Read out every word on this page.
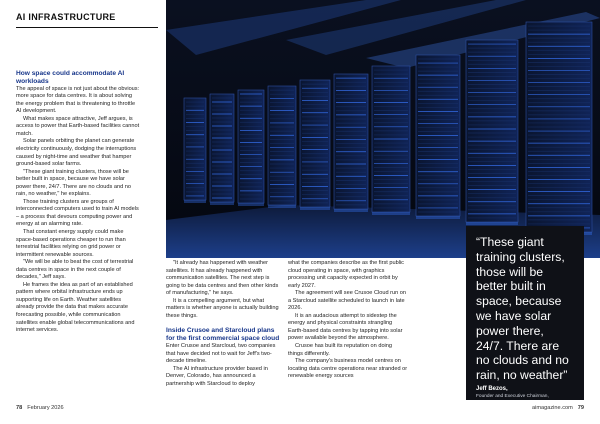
AI INFRASTRUCTURE

How space could accommodate AI workloads

The appeal of space is not just about the obvious: more space for data centres. It is about solving the energy problem that is threatening to throttle AI development.

What makes space attractive, Jeff argues, is access to power that Earth-based facilities cannot match.

Solar panels orbiting the planet can generate electricity continuously, dodging the interruptions caused by night-time and weather that hamper ground-based solar farms.

"These giant training clusters, those will be better built in space, because we have solar power there, 24/7. There are no clouds and no rain, no weather," he explains.

Those training clusters are groups of interconnected computers used to train AI models – a process that devours computing power and energy at an alarming rate.

That constant energy supply could make space-based operations cheaper to run than terrestrial facilities relying on grid power or intermittent renewable sources.

"We will be able to beat the cost of terrestrial data centres in space in the next couple of decades," Jeff says.

He frames the idea as part of an established pattern where orbital infrastructure ends up supporting life on Earth. Weather satellites already provide the data that makes accurate forecasting possible, while communication satellites enable global telecommunications and internet services.

"It already has happened with weather satellites. It has already happened with communication satellites. The next step is going to be data centres and then other kinds of manufacturing," he says.

It is a compelling argument, but what matters is whether anyone is actually building these things.

Inside Crusoe and Starcloud plans for the first commercial space cloud

Enter Crusoe and Starcloud, two companies that have decided not to wait for Jeff's two-decade timeline.

The AI infrastructure provider based in Denver, Colorado, has announced a partnership with Starcloud to deploy

what the companies describe as the first public cloud operating in space, with graphics processing unit capacity expected in orbit by early 2027.

The agreement will see Crusoe Cloud run on a Starcloud satellite scheduled to launch in late 2026.

It is an audacious attempt to sidestep the energy and physical constraints strangling Earth-based data centres by tapping into solar power available beyond the atmosphere.

Crusoe has built its reputation on doing things differently.

The company's business model centres on locating data centre operations near stranded or renewable energy sources

“These giant training clusters, those will be better built in space, because we have solar power there, 24/7. There are no clouds and no rain, no weather”

Jeff Bezos,
Founder and Executive Chairman,
Amazon
78 February 2026	aimagazine.com 79
